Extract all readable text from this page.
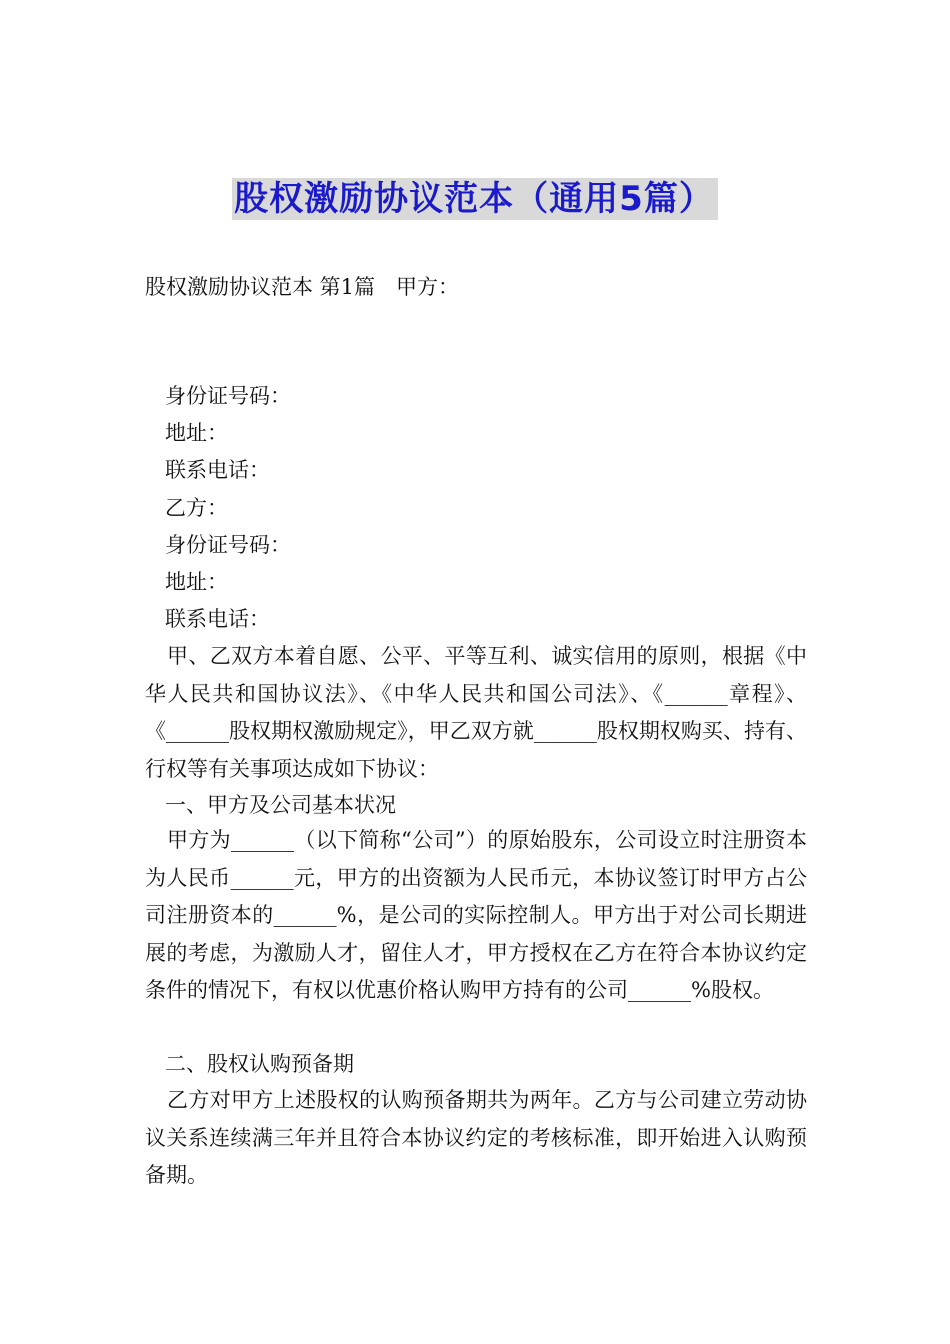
股权激励协议范本（通用5篇）
股权激励协议范本 第1篇　甲方：
身份证号码：
地址：
联系电话：
乙方：
身份证号码：
地址：
联系电话：
甲、乙双方本着自愿、公平、平等互利、诚实信用的原则，根据《中华人民共和国协议法》、《中华人民共和国公司法》、《______章程》、《______股权期权激励规定》，甲乙双方就______股权期权购买、持有、行权等有关事项达成如下协议：
一、甲方及公司基本状况
甲方为______（以下简称“公司”）的原始股东，公司设立时注册资本为人民币______元，甲方的出资额为人民币元，本协议签订时甲方占公司注册资本的______%，是公司的实际控制人。甲方出于对公司长期进展的考虑，为激励人才，留住人才，甲方授权在乙方在符合本协议约定条件的情况下，有权以优惠价格认购甲方持有的公司______%股权。
二、股权认购预备期
乙方对甲方上述股权的认购预备期共为两年。乙方与公司建立劳动协议关系连续满三年并且符合本协议约定的考核标准，即开始进入认购预备期。
